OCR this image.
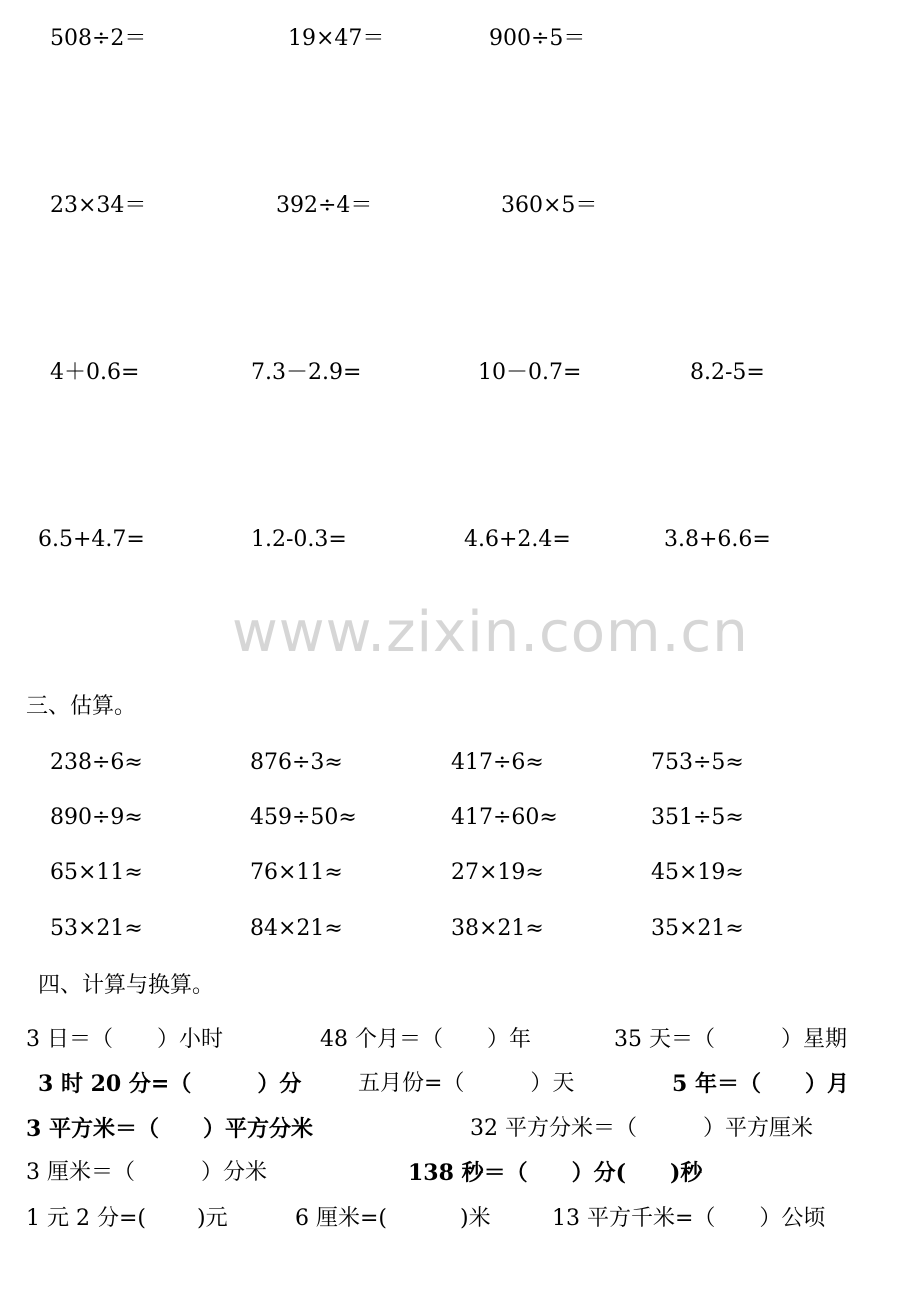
508÷2＝	19×47＝	900÷5＝
23×34＝	392÷4＝	360×5＝
4＋0.6=	7.3－2.9=	10－0.7=	8.2-5=
6.5+4.7=	1.2-0.3=	4.6+2.4=	3.8+6.6=
www.zixin.com.cn
三、估算。
238÷6≈	876÷3≈	417÷6≈	753÷5≈
890÷9≈	459÷50≈	417÷60≈	351÷5≈
65×11≈	76×11≈	27×19≈	45×19≈
53×21≈	84×21≈	38×21≈	35×21≈
四、计算与换算。
3 日＝（　　）小时	48 个月＝（　　）年	35 天＝（　　　）星期
3 时 20 分=（　　　）分	五月份=（　　　）天	5 年＝（　　）月
3 平方米＝（　　）平方分米	32 平方分米＝（　　　）平方厘米
3 厘米＝（　　　）分米	138 秒＝（　　）分(　　)秒
1 元 2 分=(　　 )元	6 厘米=(　　　 )米	13 平方千米=（　　）公顷
